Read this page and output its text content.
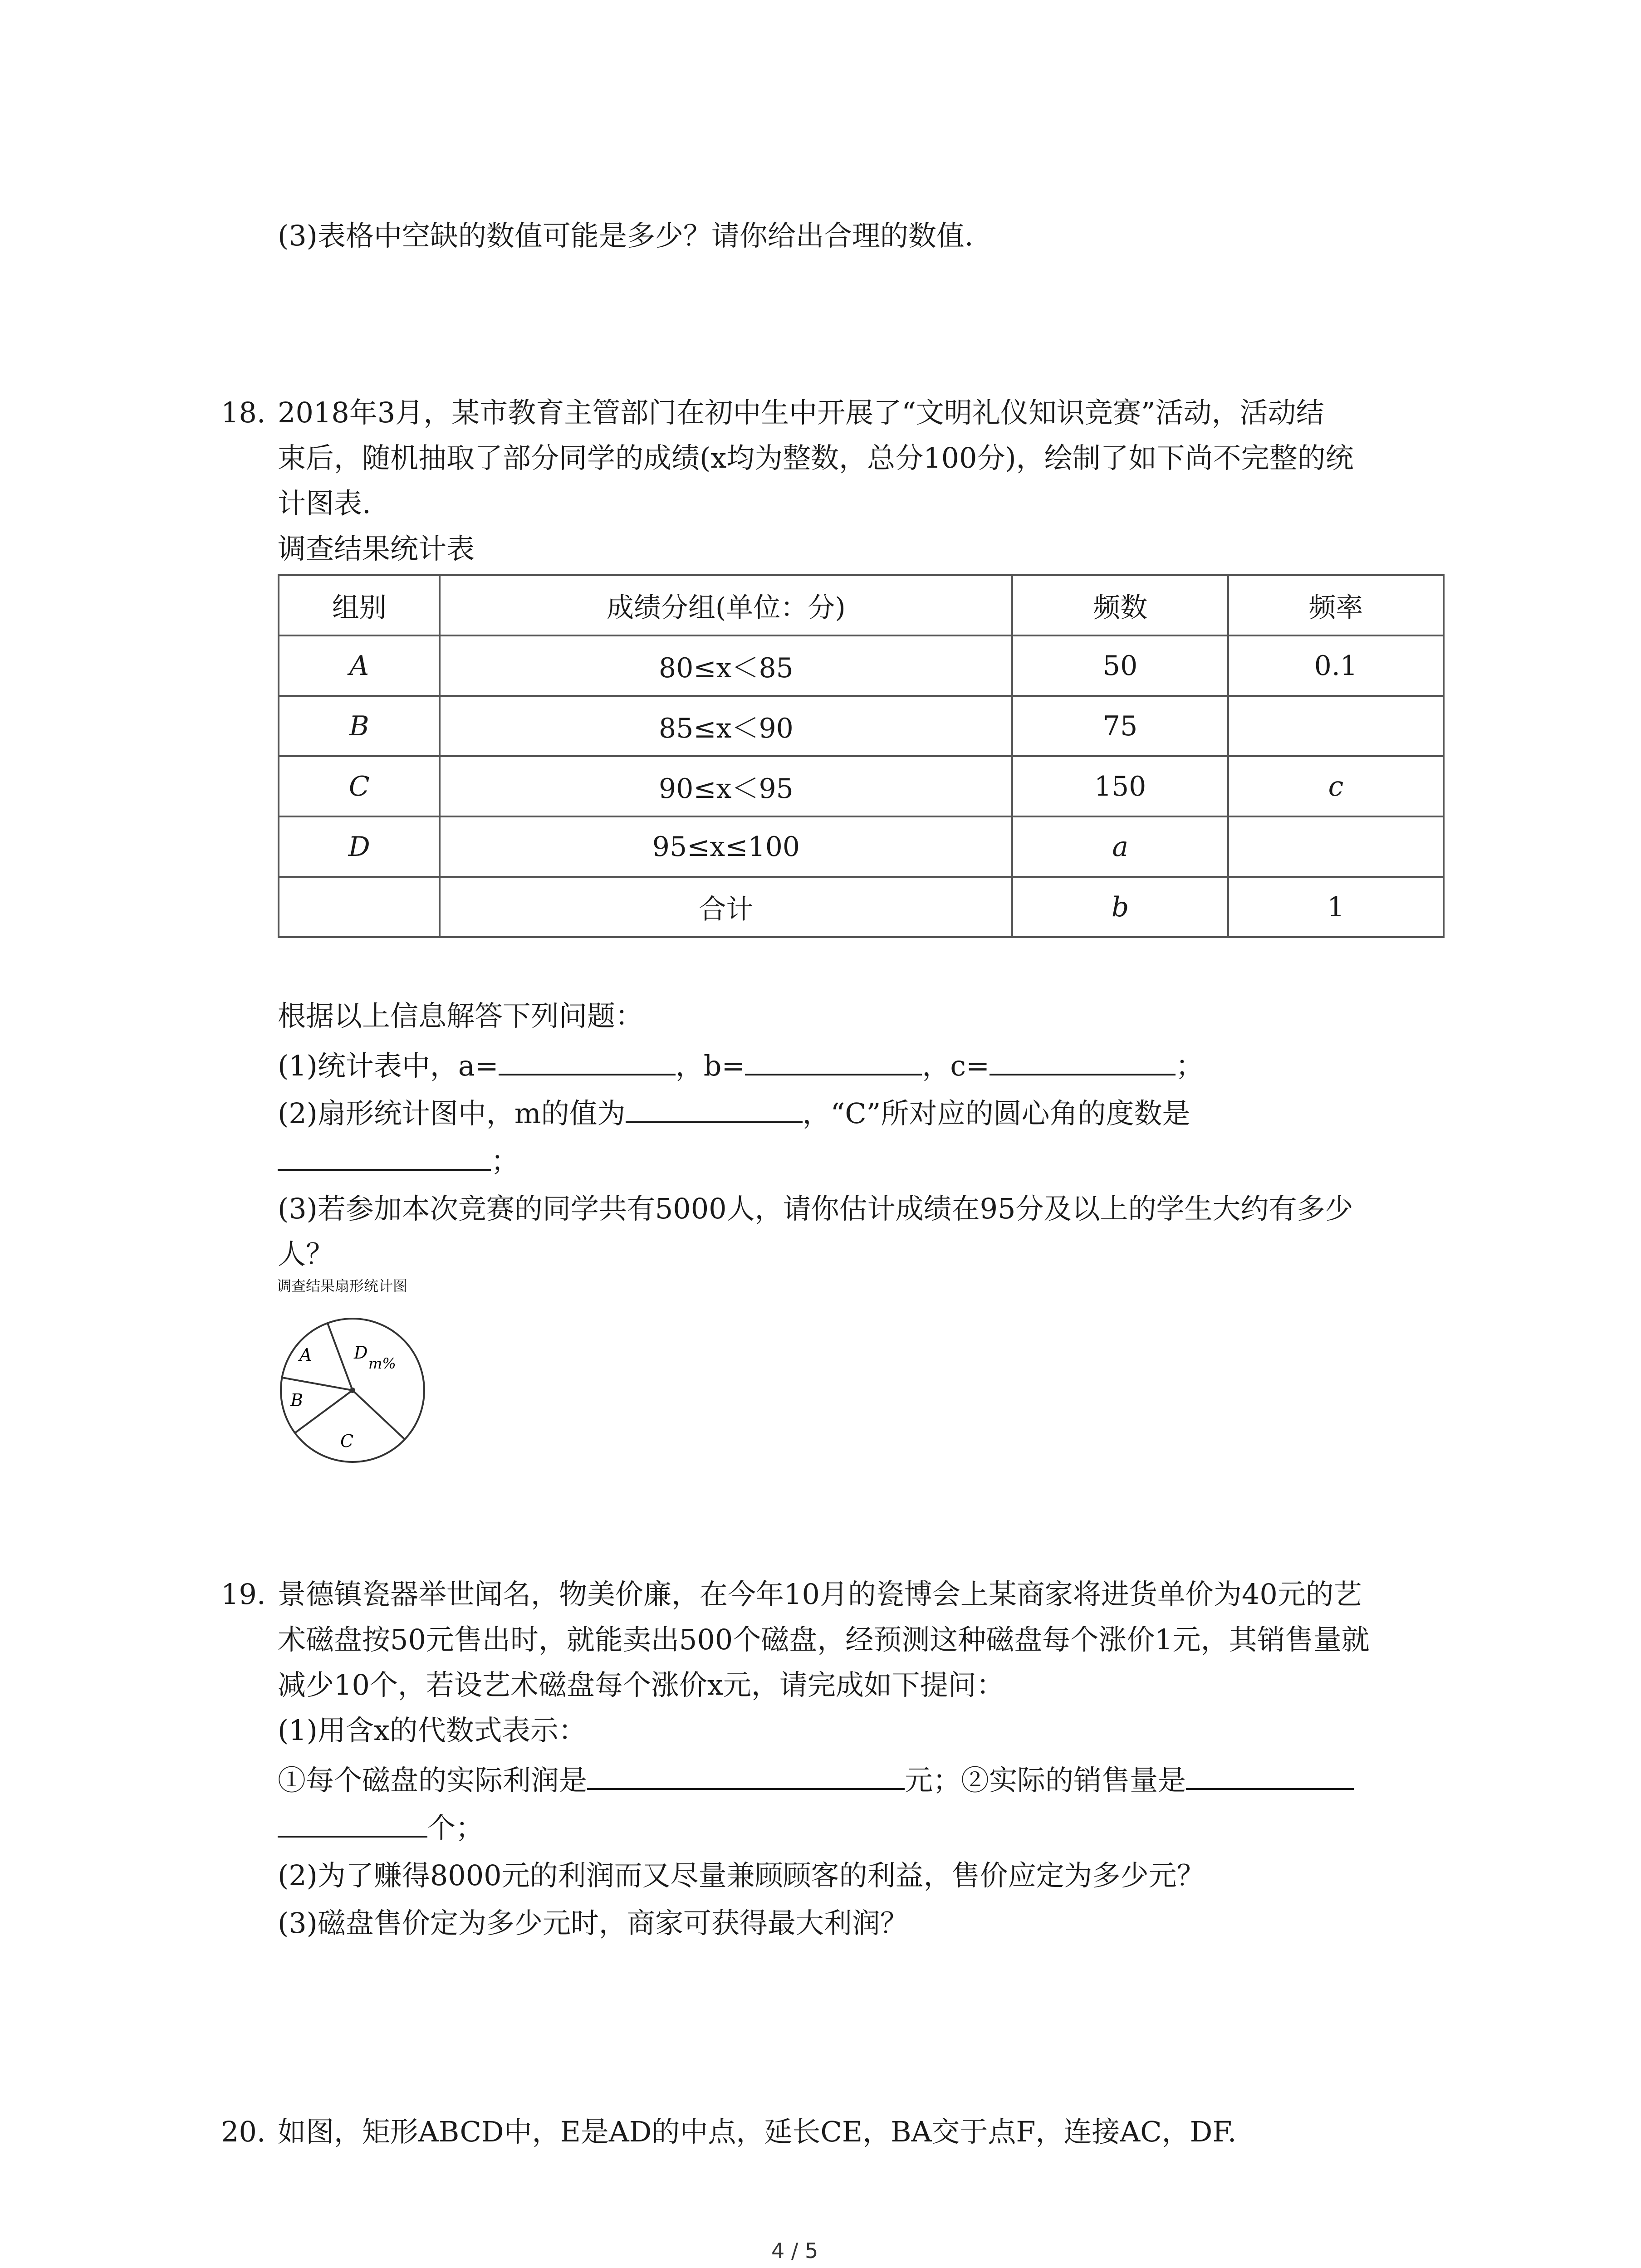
(3)表格中空缺的数值可能是多少？请你给出合理的数值.
18. 2018年3月，某市教育主管部门在初中生中开展了“文明礼仪知识竞赛”活动，活动结
束后，随机抽取了部分同学的成绩(x均为整数，总分100分)，绘制了如下尚不完整的统
计图表.
调查结果统计表
组别	成绩分组(单位：分)	频数	频率
A	80≤x＜85	50	0.1
B	85≤x＜90	75	
C	90≤x＜95	150	c
D	95≤x≤100	a	
	合计	b	1
根据以上信息解答下列问题：
(1)统计表中，a=	，b=	，c=	；
(2)扇形统计图中，m的值为	，“C”所对应的圆心角的度数是
；
(3)若参加本次竞赛的同学共有5000人，请你估计成绩在95分及以上的学生大约有多少
人？
调查结果扇形统计图
A
B
C
D
m%
19. 景德镇瓷器举世闻名，物美价廉，在今年10月的瓷博会上某商家将进货单价为40元的艺
术磁盘按50元售出时，就能卖出500个磁盘，经预测这种磁盘每个涨价1元，其销售量就
减少10个，若设艺术磁盘每个涨价x元，请完成如下提问：
(1)用含x的代数式表示：
①每个磁盘的实际利润是	元；②实际的销售量是
个；
(2)为了赚得8000元的利润而又尽量兼顾顾客的利益，售价应定为多少元？
(3)磁盘售价定为多少元时，商家可获得最大利润？
20. 如图，矩形ABCD中，E是AD的中点，延长CE，BA交于点F，连接AC，DF.
4 / 5
